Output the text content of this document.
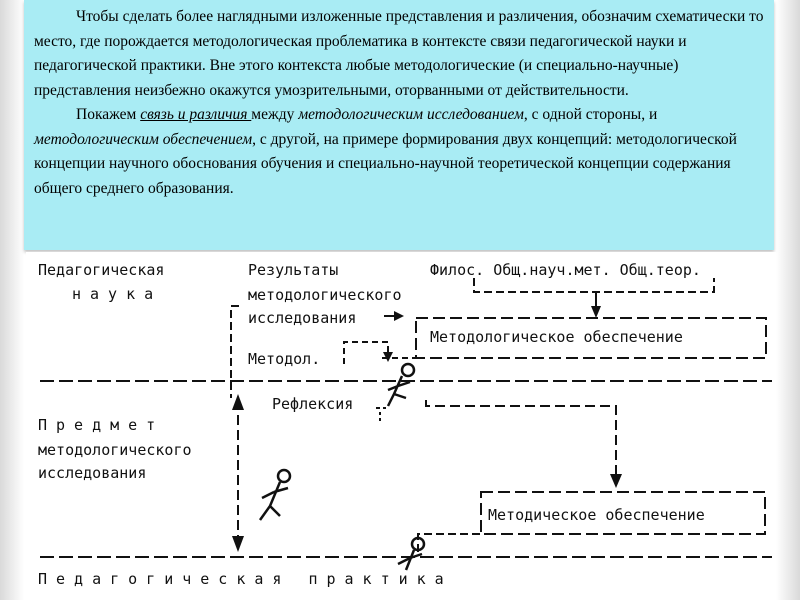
Чтобы сделать более наглядными изложенные представления и различения, обозначим схематически то место, где порождается методологическая проблематика в контексте связи педагогической науки и педагогической практики. Вне этого контекста любые методологические (и специально-научные) представления неизбежно окажутся умозрительными, оторванными от действительности.

Покажем связь и различия между методологическим исследованием, с одной стороны, и методологическим обеспечением, с другой, на примере формирования двух концепций: методологической концепции научного обоснования обучения и специально-научной теоретической концепции содержания общего среднего образования.

Педагогическая
наука
Результаты
методологического
исследования
Филос. Общ.науч.мет. Общ.теор.
Методологическое обеспечение
Методол.
Рефлексия
Предмет
методологического
исследования
Методическое обеспечение
Педагогическая практика
